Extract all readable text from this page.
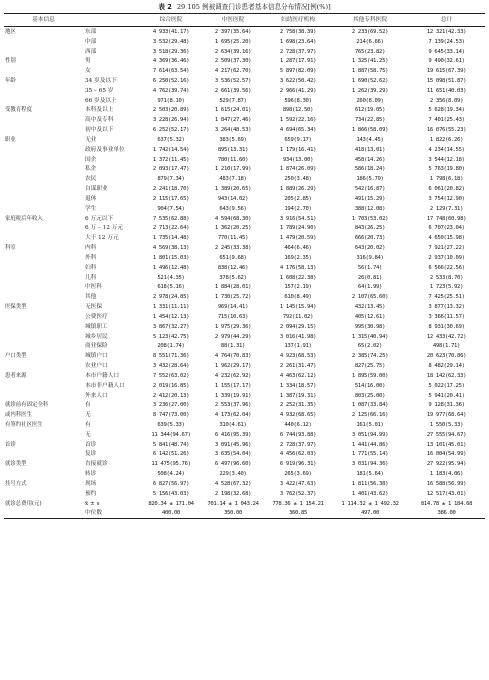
表 2 29 105 例被调查门诊患者基本信息分布情况[例(%)]
基本信息		综合医院	中医医院	妇幼医疗机构	其他专科医院	总计
地区	东部	4 933(41.17)	2 397(35.64)	2 758(38.39)	2 233(69.52)	12 321(42.33)
	中部	3 532(29.48)	1 695(25.20)	1 698(23.64)	214(6.66)	7 139(24.53)
	西部	3 518(29.36)	2 634(39.16)	2 728(37.97)	765(23.82)	9 645(33.14)
性别	男	4 369(36.46)	2 509(37.30)	1 287(17.91)	1 325(41.25)	9 490(32.61)
	女	7 614(63.54)	4 217(62.70)	5 897(82.09)	1 887(58.75)	19 615(67.39)
年龄	34 岁及以下	6 250(52.16)	3 536(52.57)	3 622(50.42)	1 690(52.62)	15 098(51.87)
	35 – 65 岁	4 762(39.74)	2 661(39.56)	2 966(41.29)	1 262(39.29)	11 651(40.03)
	66 岁及以上	971(8.10)	529(7.87)	596(8.30)	260(8.09)	2 356(8.09)
受教育程度	本科及以上	2 503(20.89)	1 615(24.01)	898(12.50)	612(19.05)	5 628(19.34)
	高中及专科	3 228(26.94)	1 847(27.46)	1 592(22.16)	734(22.85)	7 401(25.43)
	初中及以下	6 252(52.17)	3 264(48.53)	4 694(65.34)	1 866(58.09)	16 076(55.23)
职业	无业	637(5.32)	383(5.69)	659(9.17)	143(4.45)	1 822(6.26)
	政府及事业单位	1 742(14.54)	895(13.31)	1 179(16.41)	418(13.01)	4 234(14.55)
	国企	1 372(11.45)	780(11.60)	934(13.00)	458(14.26)	3 544(12.18)
	私企	2 093(17.47)	1 210(17.99)	1 874(26.09)	586(18.24)	5 763(19.80)
	农民	879(7.34)	483(7.18)	250(3.48)	186(5.79)	1 798(6.18)
	自谋职业	2 241(18.70)	1 389(20.65)	1 889(26.29)	542(16.87)	6 061(20.82)
	退休	2 115(17.65)	943(14.02)	205(2.85)	491(15.29)	3 754(12.90)
	学生	904(7.54)	643(9.56)	194(2.70)	388(12.08)	2 129(7.31)
家庭税后年收入	6 万元以下	7 535(62.88)	4 594(68.30)	3 916(54.51)	1 703(53.02)	17 748(60.98)
	6 万 – 12 万元	2 713(22.64)	1 362(20.25)	1 789(24.90)	843(26.25)	6 707(23.04)
	大于 12 万元	1 735(14.48)	770(11.45)	1 479(20.59)	666(20.73)	4 650(15.98)
科室	内科	4 569(38.13)	2 245(33.38)	464(6.46)	643(20.02)	7 921(27.22)
	外科	1 801(15.03)	651(9.68)	169(2.35)	316(9.84)	2 937(10.09)
	妇科	1 496(12.48)	838(12.46)	4 176(58.13)	56(1.74)	6 566(22.56)
	儿科	521(4.35)	378(5.62)	1 608(22.38)	26(0.81)	2 533(8.70)
	中医科	618(5.16)	1 884(28.01)	157(2.19)	64(1.99)	1 723(5.92)
	其他	2 978(24.85)	1 730(25.72)	610(8.49)	2 107(65.60)	7 425(25.51)
医保类型	无医保	1 331(11.11)	969(14.41)	1 145(15.94)	432(13.45)	3 877(13.32)
	公费医疗	1 454(12.13)	715(10.63)	792(11.02)	405(12.61)	3 366(11.57)
	城镇职工	3 867(32.27)	1 975(29.36)	2 094(29.15)	995(30.98)	8 931(30.69)
	城乡居民	5 123(42.75)	2 979(44.29)	3 016(41.98)	1 315(40.94)	12 433(42.72)
	商业保险	208(1.74)	88(1.31)	137(1.91)	65(2.02)	498(1.71)
户口类型	城镇户口	8 551(71.36)	4 764(70.83)	4 923(68.53)	2 385(74.25)	20 623(70.86)
	农业户口	3 432(28.64)	1 962(29.17)	2 261(31.47)	827(25.75)	8 482(29.14)
患者来源	本市户籍人口	7 552(63.02)	4 232(62.92)	4 463(62.12)	1 895(59.00)	18 142(62.33)
	本市非户籍人口	2 019(16.85)	1 155(17.17)	1 334(18.57)	514(16.00)	5 022(17.25)
	外来人口	2 412(20.13)	1 339(19.91)	1 387(19.31)	803(25.00)	5 941(20.41)
就诊前有固定全科	有	3 236(27.00)	2 553(37.96)	2 252(31.35)	1 087(33.84)	9 128(31.36)
或内科医生	无	8 747(73.00)	4 173(62.04)	4 932(68.65)	2 125(66.16)	19 977(68.64)
有签约社区医生	有	639(5.33)	310(4.61)	440(6.12)	161(5.01)	1 550(5.33)
	无	11 344(94.67)	6 416(95.39)	6 744(93.88)	3 051(94.99)	27 555(94.67)
首诊	首诊	5 841(48.74)	3 091(45.96)	2 728(37.97)	1 441(44.86)	13 101(45.01)
	复诊	6 142(51.26)	3 635(54.04)	4 456(62.03)	1 771(55.14)	16 004(54.99)
就诊类型	直接就诊	11 475(95.76)	6 497(96.60)	6 919(96.31)	3 031(94.36)	27 922(95.94)
	转诊	508(4.24)	229(3.40)	265(3.69)	181(5.64)	1 183(4.06)
挂号方式	现场	6 827(56.97)	4 528(67.32)	3 422(47.63)	1 811(56.38)	16 588(56.99)
	预约	5 156(43.03)	2 198(32.68)	3 762(52.37)	1 401(43.62)	12 517(43.01)
就诊总费用(元)	x̄ ± s	820.34 ± 171.04	701.14 ± 1 043.24	778.36 ± 1 154.21	1 114.32 ± 1 492.32	814.78 ± 1 184.68
	中位数	400.00	350.00	360.85	497.00	386.00
